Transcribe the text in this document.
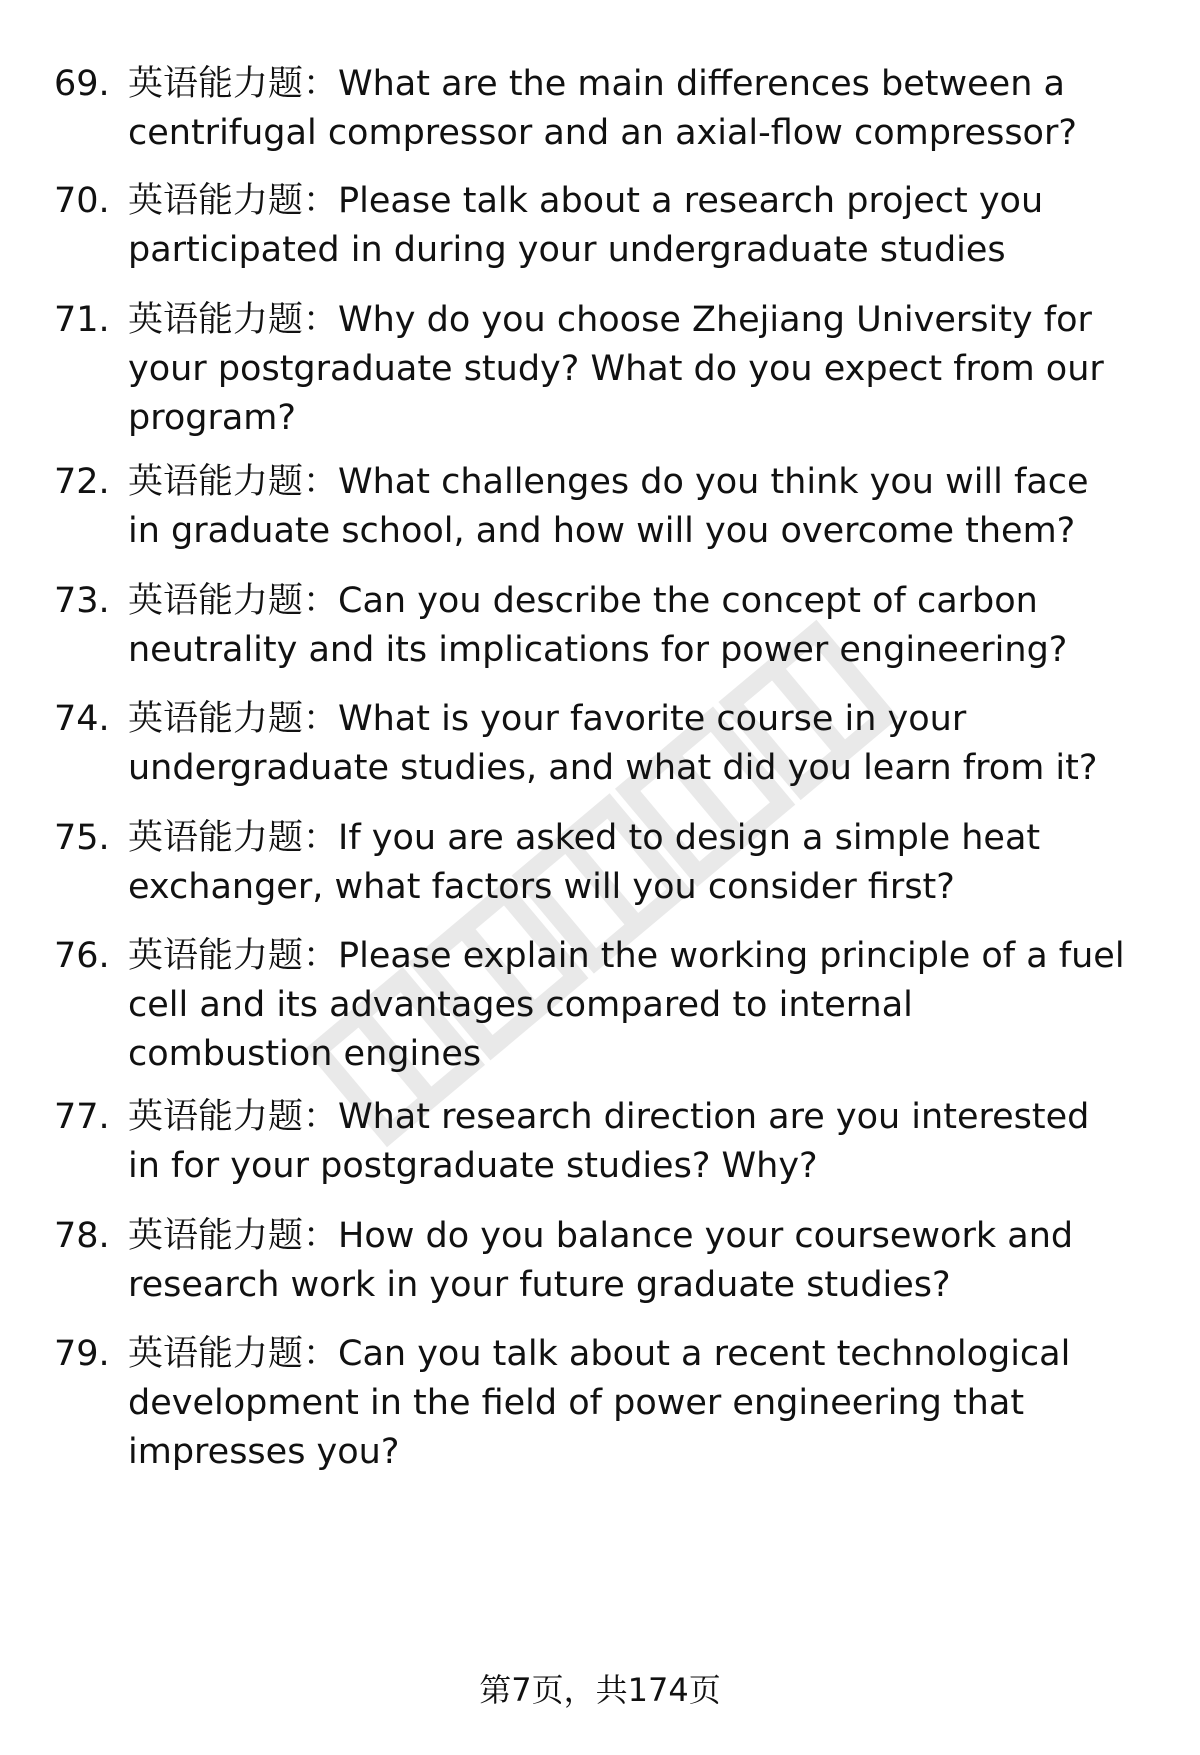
69. 英语能力题：What are the main differences between a centrifugal compressor and an axial-flow compressor?
70. 英语能力题：Please talk about a research project you participated in during your undergraduate studies
71. 英语能力题：Why do you choose Zhejiang University for your postgraduate study? What do you expect from our program?
72. 英语能力题：What challenges do you think you will face in graduate school, and how will you overcome them?
73. 英语能力题：Can you describe the concept of carbon neutrality and its implications for power engineering?
74. 英语能力题：What is your favorite course in your undergraduate studies, and what did you learn from it?
75. 英语能力题：If you are asked to design a simple heat exchanger, what factors will you consider first?
76. 英语能力题：Please explain the working principle of a fuel cell and its advantages compared to internal combustion engines
77. 英语能力题：What research direction are you interested in for your postgraduate studies? Why?
78. 英语能力题：How do you balance your coursework and research work in your future graduate studies?
79. 英语能力题：Can you talk about a recent technological development in the field of power engineering that impresses you?
第7页，共174页
